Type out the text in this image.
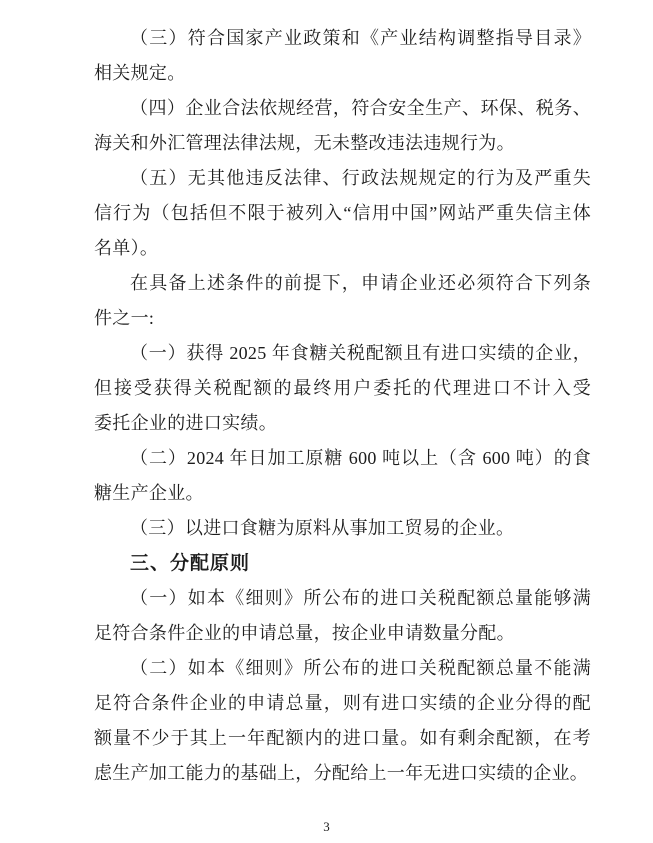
（三）符合国家产业政策和《产业结构调整指导目录》
相关规定。
（四）企业合法依规经营，符合安全生产、环保、税务、
海关和外汇管理法律法规，无未整改违法违规行为。
（五）无其他违反法律、行政法规规定的行为及严重失
信行为（包括但不限于被列入“信用中国”网站严重失信主体
名单）。
在具备上述条件的前提下，申请企业还必须符合下列条
件之一:
（一）获得 2025 年食糖关税配额且有进口实绩的企业，
但接受获得关税配额的最终用户委托的代理进口不计入受
委托企业的进口实绩。
（二）2024 年日加工原糖 600 吨以上（含 600 吨）的食
糖生产企业。
（三）以进口食糖为原料从事加工贸易的企业。
三、分配原则
（一）如本《细则》所公布的进口关税配额总量能够满
足符合条件企业的申请总量，按企业申请数量分配。
（二）如本《细则》所公布的进口关税配额总量不能满
足符合条件企业的申请总量，则有进口实绩的企业分得的配
额量不少于其上一年配额内的进口量。如有剩余配额，在考
虑生产加工能力的基础上，分配给上一年无进口实绩的企业。
3
